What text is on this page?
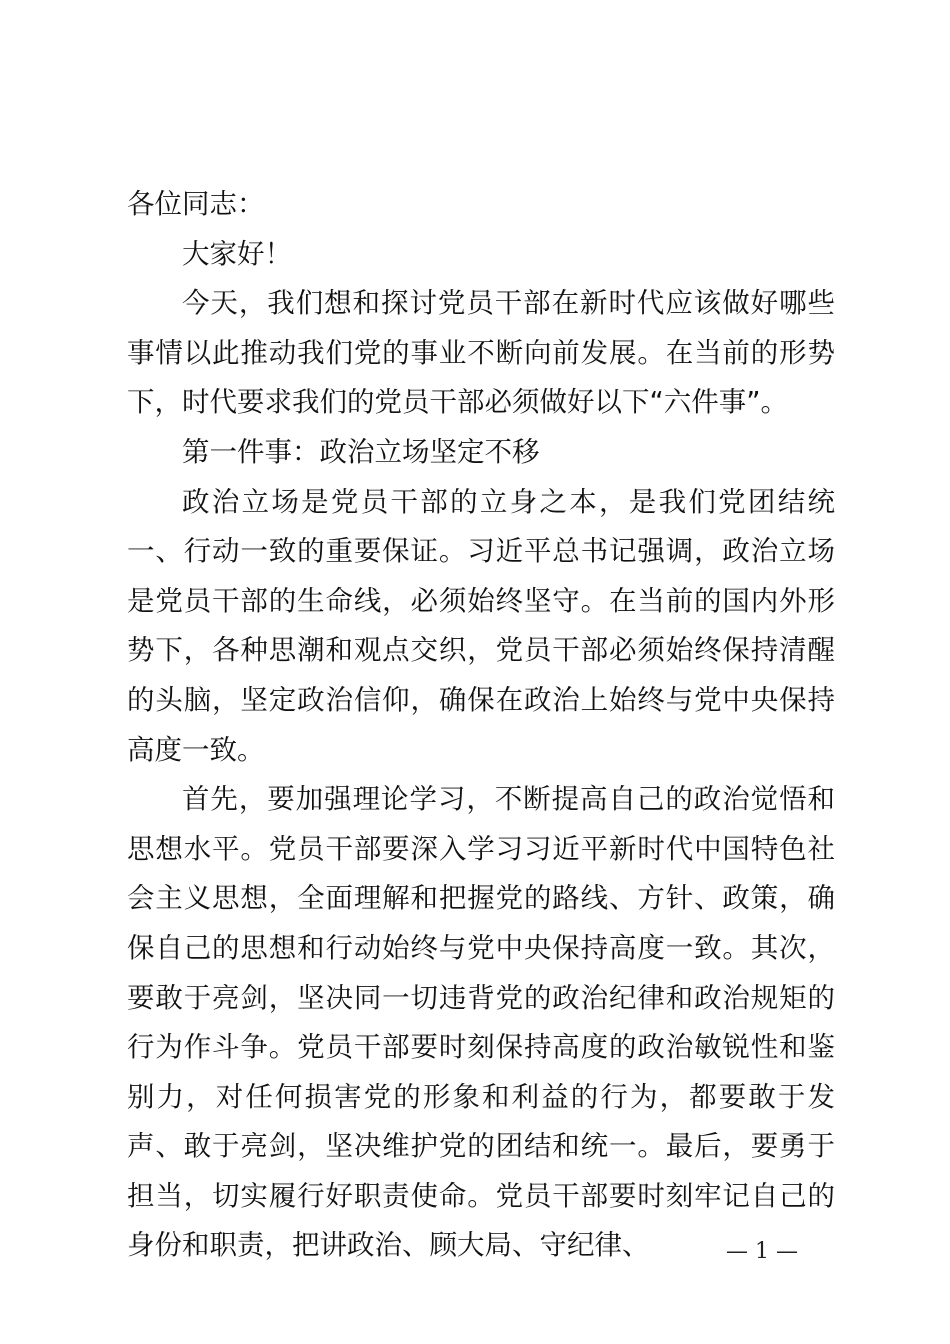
各位同志：

大家好！

今天，我们想和探讨党员干部在新时代应该做好哪些事情以此推动我们党的事业不断向前发展。在当前的形势下，时代要求我们的党员干部必须做好以下“六件事”。

第一件事：政治立场坚定不移

政治立场是党员干部的立身之本，是我们党团结统一、行动一致的重要保证。习近平总书记强调，政治立场是党员干部的生命线，必须始终坚守。在当前的国内外形势下，各种思潮和观点交织，党员干部必须始终保持清醒的头脑，坚定政治信仰，确保在政治上始终与党中央保持高度一致。

首先，要加强理论学习，不断提高自己的政治觉悟和思想水平。党员干部要深入学习习近平新时代中国特色社会主义思想，全面理解和把握党的路线、方针、政策，确保自己的思想和行动始终与党中央保持高度一致。其次，要敢于亮剑，坚决同一切违背党的政治纪律和政治规矩的行为作斗争。党员干部要时刻保持高度的政治敏锐性和鉴别力，对任何损害党的形象和利益的行为，都要敢于发声、敢于亮剑，坚决维护党的团结和统一。最后，要勇于担当，切实履行好职责使命。党员干部要时刻牢记自己的身份和职责，把讲政治、顾大局、守纪律、	— 1 —
